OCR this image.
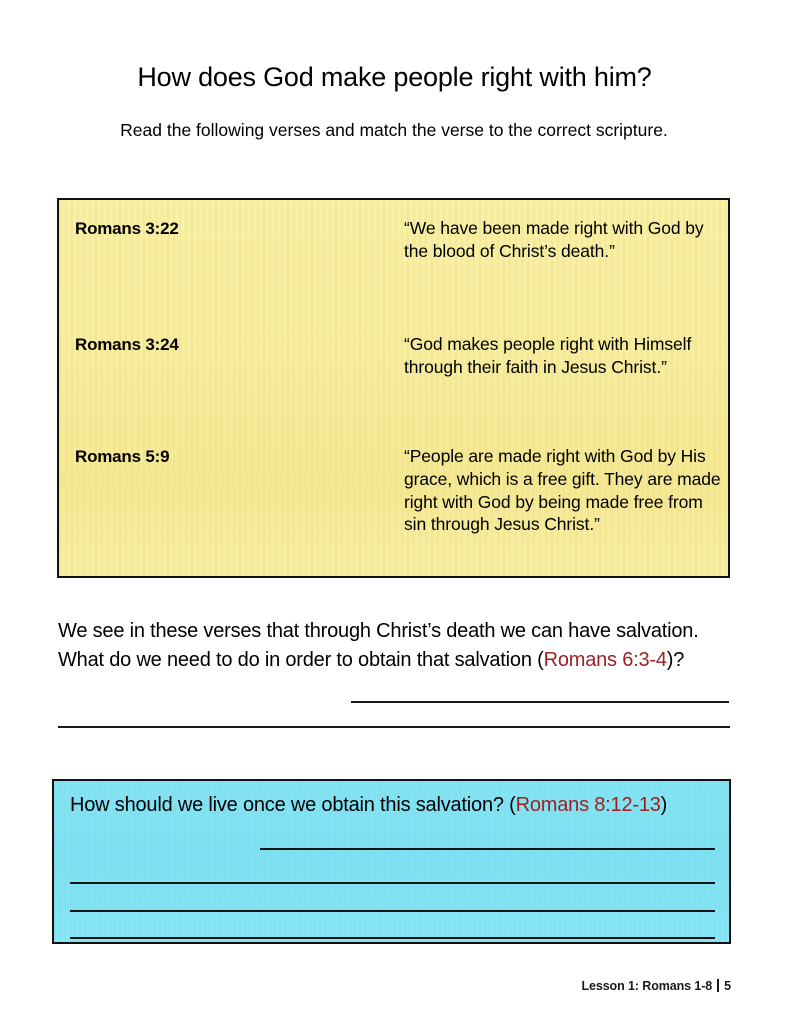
How does God make people right with him?
Read the following verses and match the verse to the correct scripture.
Romans 3:22	“We have been made right with God by the blood of Christ’s death.”
Romans 3:24	“God makes people right with Himself through their faith in Jesus Christ.”
Romans 5:9	“People are made right with God by His grace, which is a free gift. They are made right with God by being made free from sin through Jesus Christ.”
We see in these verses that through Christ’s death we can have salvation. What do we need to do in order to obtain that salvation (Romans 6:3-4)?
How should we live once we obtain this salvation? (Romans 8:12-13)
Lesson 1: Romans 1-8 5
